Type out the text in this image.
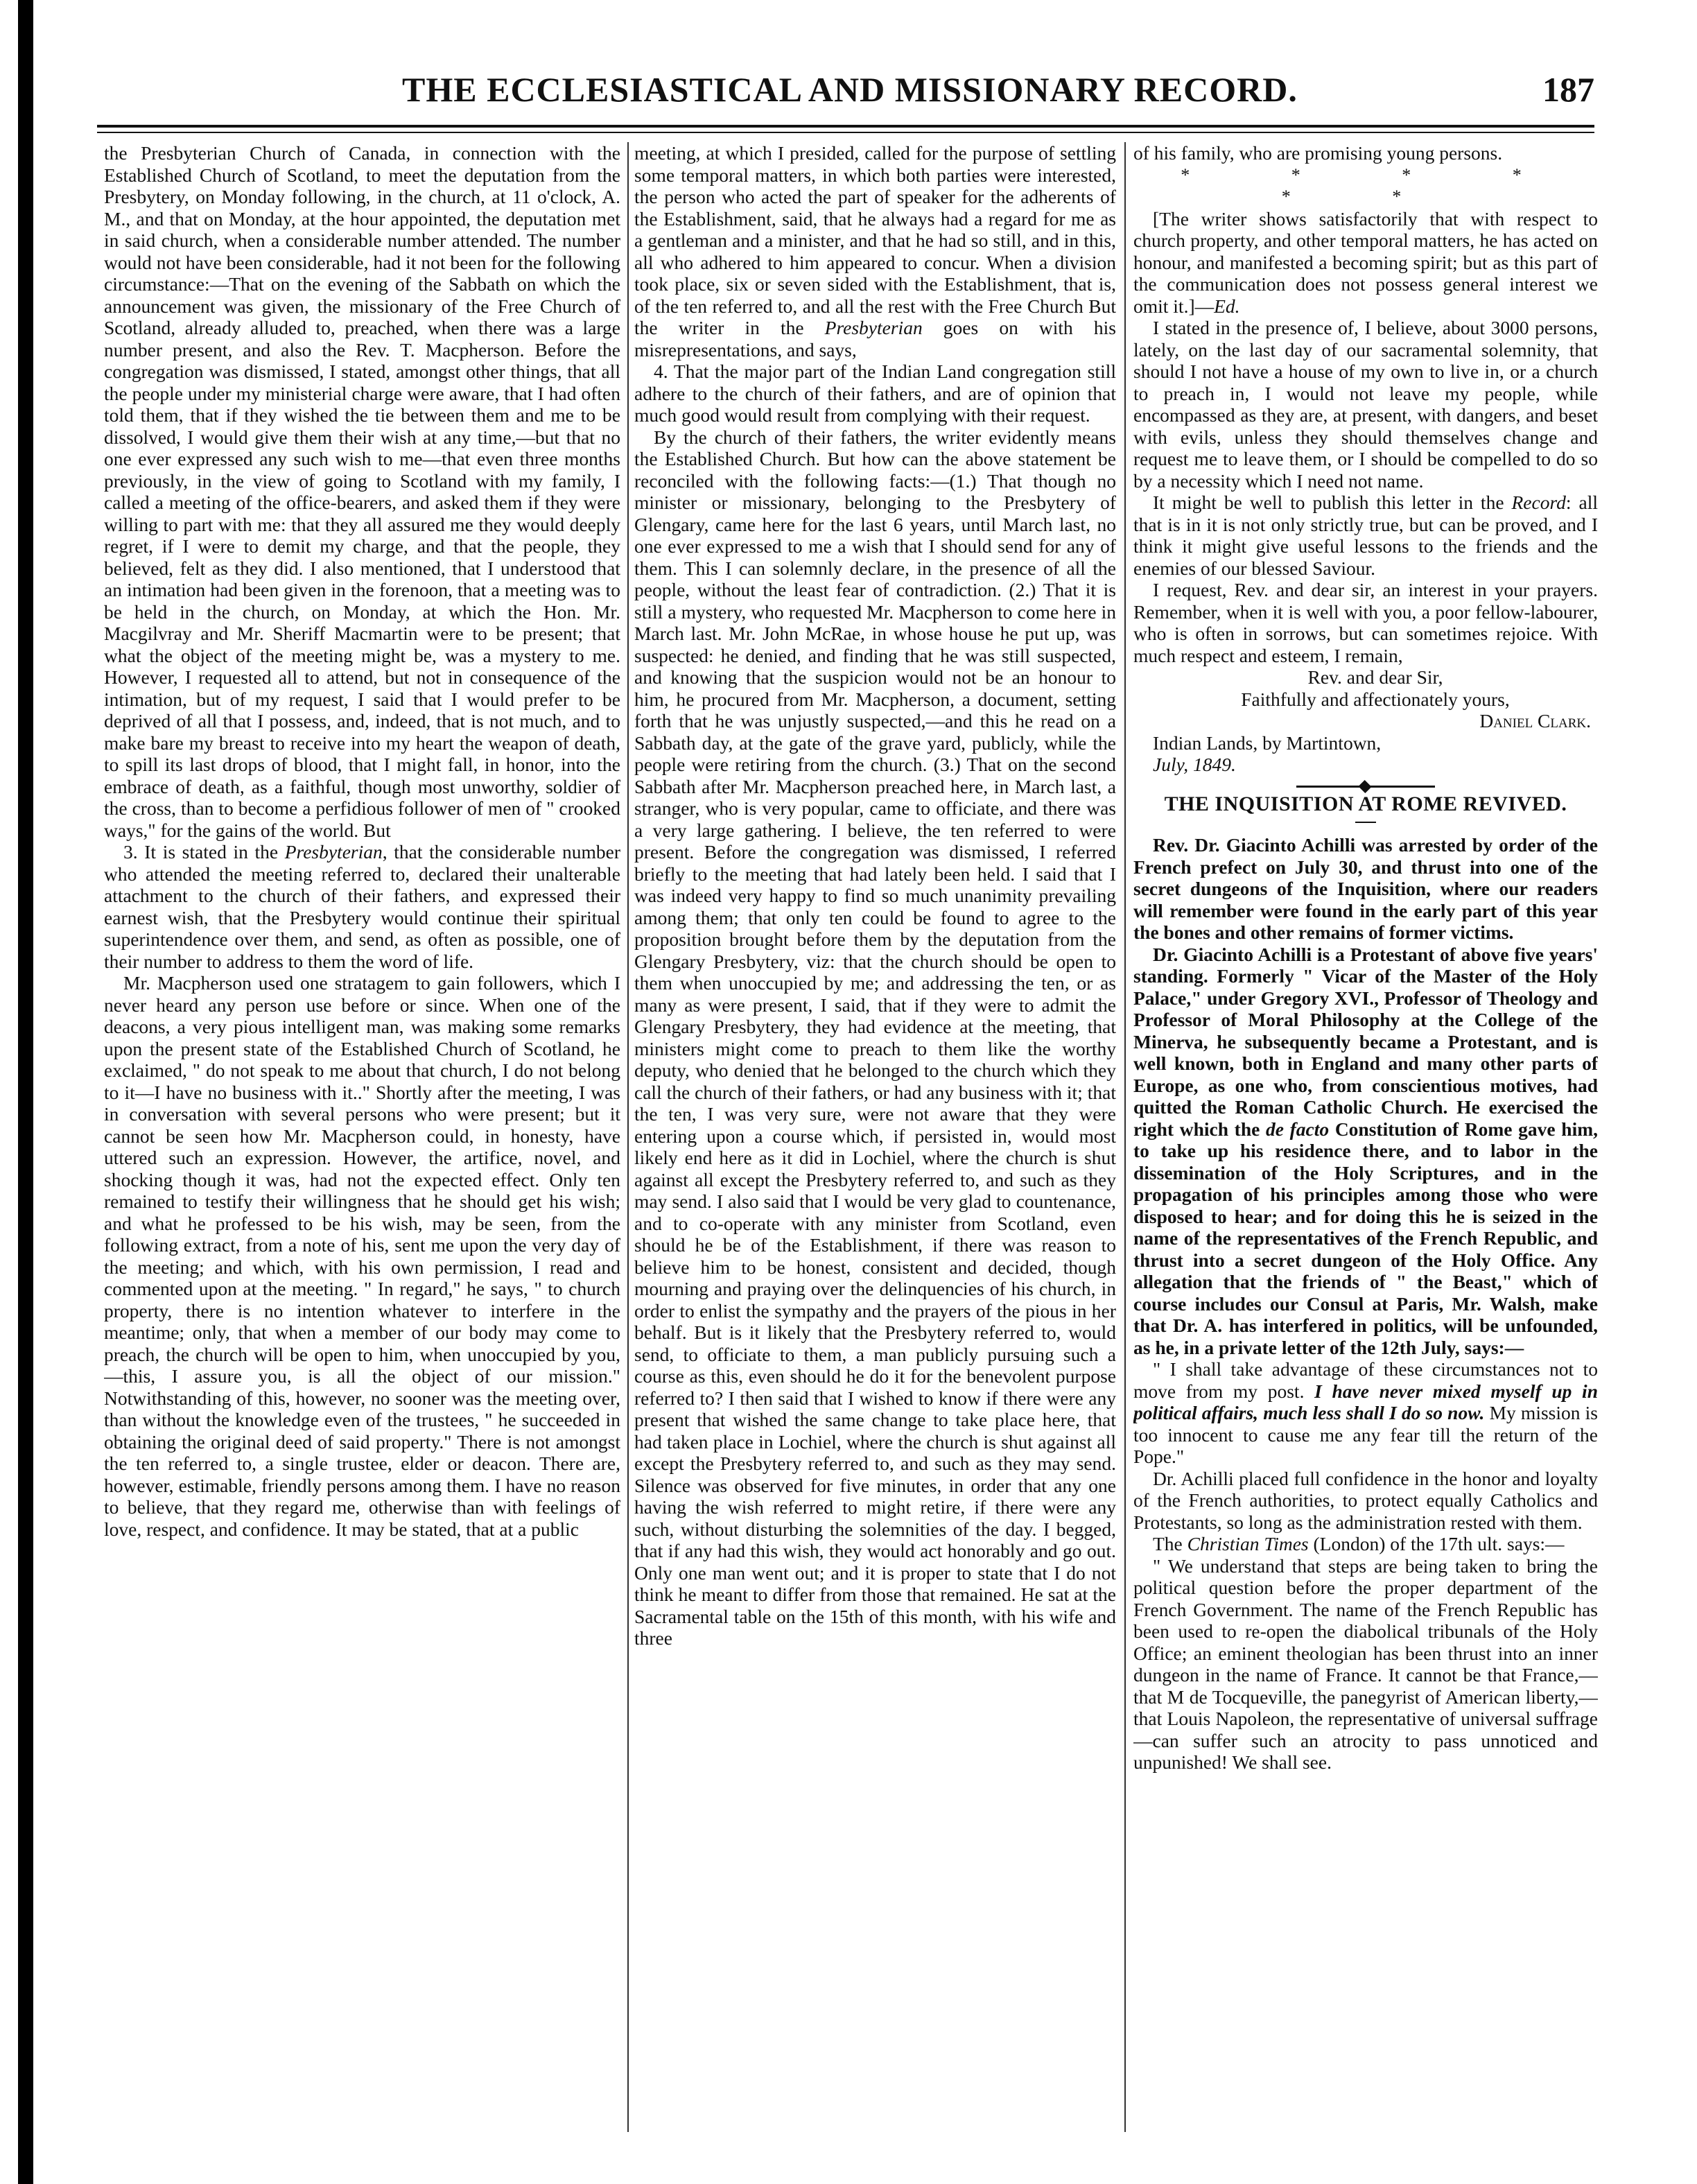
THE ECCLESIASTICAL AND MISSIONARY RECORD.	187

the Presbyterian Church of Canada, in connection with the Established Church of Scotland, to meet the deputation from the Presbytery, on Monday following, in the church, at 11 o'clock, A. M., and that on Monday, at the hour appointed, the deputation met in said church, when a considerable number attended. The number would not have been considerable, had it not been for the following circumstance:—That on the evening of the Sabbath on which the announcement was given, the missionary of the Free Church of Scotland, already alluded to, preached, when there was a large number present, and also the Rev. T. Macpherson. Before the congregation was dismissed, I stated, amongst other things, that all the people under my ministerial charge were aware, that I had often told them, that if they wished the tie between them and me to be dissolved, I would give them their wish at any time,—but that no one ever expressed any such wish to me—that even three months previously, in the view of going to Scotland with my family, I called a meeting of the office-bearers, and asked them if they were willing to part with me: that they all assured me they would deeply regret, if I were to demit my charge, and that the people, they believed, felt as they did. I also mentioned, that I understood that an intimation had been given in the forenoon, that a meeting was to be held in the church, on Monday, at which the Hon. Mr. Macgilvray and Mr. Sheriff Macmartin were to be present; that what the object of the meeting might be, was a mystery to me. However, I requested all to attend, but not in consequence of the intimation, but of my request, I said that I would prefer to be deprived of all that I possess, and, indeed, that is not much, and to make bare my breast to receive into my heart the weapon of death, to spill its last drops of blood, that I might fall, in honor, into the embrace of death, as a faithful, though most unworthy, soldier of the cross, than to become a perfidious follower of men of " crooked ways," for the gains of the world. But

3. It is stated in the Presbyterian, that the considerable number who attended the meeting referred to, declared their unalterable attachment to the church of their fathers, and expressed their earnest wish, that the Presbytery would continue their spiritual superintendence over them, and send, as often as possible, one of their number to address to them the word of life.

Mr. Macpherson used one stratagem to gain followers, which I never heard any person use before or since. When one of the deacons, a very pious intelligent man, was making some remarks upon the present state of the Established Church of Scotland, he exclaimed, " do not speak to me about that church, I do not belong to it—I have no business with it.." Shortly after the meeting, I was in conversation with several persons who were present; but it cannot be seen how Mr. Macpherson could, in honesty, have uttered such an expression. However, the artifice, novel, and shocking though it was, had not the expected effect. Only ten remained to testify their willingness that he should get his wish; and what he professed to be his wish, may be seen, from the following extract, from a note of his, sent me upon the very day of the meeting; and which, with his own permission, I read and commented upon at the meeting. " In regard," he says, " to church property, there is no intention whatever to interfere in the meantime; only, that when a member of our body may come to preach, the church will be open to him, when unoccupied by you,—this, I assure you, is all the object of our mission." Notwithstanding of this, however, no sooner was the meeting over, than without the knowledge even of the trustees, " he succeeded in obtaining the original deed of said property." There is not amongst the ten referred to, a single trustee, elder or deacon. There are, however, estimable, friendly persons among them. I have no reason to believe, that they regard me, otherwise than with feelings of love, respect, and confidence. It may be stated, that at a public

meeting, at which I presided, called for the purpose of settling some temporal matters, in which both parties were interested, the person who acted the part of speaker for the adherents of the Establishment, said, that he always had a regard for me as a gentleman and a minister, and that he had so still, and in this, all who adhered to him appeared to concur. When a division took place, six or seven sided with the Establishment, that is, of the ten referred to, and all the rest with the Free Church But the writer in the Presbyterian goes on with his misrepresentations, and says,

4. That the major part of the Indian Land congregation still adhere to the church of their fathers, and are of opinion that much good would result from complying with their request.

By the church of their fathers, the writer evidently means the Established Church. But how can the above statement be reconciled with the following facts:—(1.) That though no minister or missionary, belonging to the Presbytery of Glengary, came here for the last 6 years, until March last, no one ever expressed to me a wish that I should send for any of them. This I can solemnly declare, in the presence of all the people, without the least fear of contradiction. (2.) That it is still a mystery, who requested Mr. Macpherson to come here in March last. Mr. John McRae, in whose house he put up, was suspected: he denied, and finding that he was still suspected, and knowing that the suspicion would not be an honour to him, he procured from Mr. Macpherson, a document, setting forth that he was unjustly suspected,—and this he read on a Sabbath day, at the gate of the grave yard, publicly, while the people were retiring from the church. (3.) That on the second Sabbath after Mr. Macpherson preached here, in March last, a stranger, who is very popular, came to officiate, and there was a very large gathering. I believe, the ten referred to were present. Before the congregation was dismissed, I referred briefly to the meeting that had lately been held. I said that I was indeed very happy to find so much unanimity prevailing among them; that only ten could be found to agree to the proposition brought before them by the deputation from the Glengary Presbytery, viz: that the church should be open to them when unoccupied by me; and addressing the ten, or as many as were present, I said, that if they were to admit the Glengary Presbytery, they had evidence at the meeting, that ministers might come to preach to them like the worthy deputy, who denied that he belonged to the church which they call the church of their fathers, or had any business with it; that the ten, I was very sure, were not aware that they were entering upon a course which, if persisted in, would most likely end here as it did in Lochiel, where the church is shut against all except the Presbytery referred to, and such as they may send. I also said that I would be very glad to countenance, and to co-operate with any minister from Scotland, even should he be of the Establishment, if there was reason to believe him to be honest, consistent and decided, though mourning and praying over the delinquencies of his church, in order to enlist the sympathy and the prayers of the pious in her behalf. But is it likely that the Presbytery referred to, would send, to officiate to them, a man publicly pursuing such a course as this, even should he do it for the benevolent purpose referred to? I then said that I wished to know if there were any present that wished the same change to take place here, that had taken place in Lochiel, where the church is shut against all except the Presbytery referred to, and such as they may send. Silence was observed for five minutes, in order that any one having the wish referred to might retire, if there were any such, without disturbing the solemnities of the day. I begged, that if any had this wish, they would act honorably and go out. Only one man went out; and it is proper to state that I do not think he meant to differ from those that remained. He sat at the Sacramental table on the 15th of this month, with his wife and three

of his family, who are promising young persons.

* * * * * *

[The writer shows satisfactorily that with respect to church property, and other temporal matters, he has acted on honour, and manifested a becoming spirit; but as this part of the communication does not possess general interest we omit it.]—Ed.

I stated in the presence of, I believe, about 3000 persons, lately, on the last day of our sacramental solemnity, that should I not have a house of my own to live in, or a church to preach in, I would not leave my people, while encompassed as they are, at present, with dangers, and beset with evils, unless they should themselves change and request me to leave them, or I should be compelled to do so by a necessity which I need not name.

It might be well to publish this letter in the Record: all that is in it is not only strictly true, but can be proved, and I think it might give useful lessons to the friends and the enemies of our blessed Saviour.

I request, Rev. and dear sir, an interest in your prayers. Remember, when it is well with you, a poor fellow-labourer, who is often in sorrows, but can sometimes rejoice. With much respect and esteem, I remain,

Rev. and dear Sir,

Faithfully and affectionately yours,

Daniel Clark.

Indian Lands, by Martintown,

July, 1849.

THE INQUISITION AT ROME REVIVED.

Rev. Dr. Giacinto Achilli was arrested by order of the French prefect on July 30, and thrust into one of the secret dungeons of the Inquisition, where our readers will remember were found in the early part of this year the bones and other remains of former victims.

Dr. Giacinto Achilli is a Protestant of above five years' standing. Formerly " Vicar of the Master of the Holy Palace," under Gregory XVI., Professor of Theology and Professor of Moral Philosophy at the College of the Minerva, he subsequently became a Protestant, and is well known, both in England and many other parts of Europe, as one who, from conscientious motives, had quitted the Roman Catholic Church. He exercised the right which the de facto Constitution of Rome gave him, to take up his residence there, and to labor in the dissemination of the Holy Scriptures, and in the propagation of his principles among those who were disposed to hear; and for doing this he is seized in the name of the representatives of the French Republic, and thrust into a secret dungeon of the Holy Office. Any allegation that the friends of " the Beast," which of course includes our Consul at Paris, Mr. Walsh, make that Dr. A. has interfered in politics, will be unfounded, as he, in a private letter of the 12th July, says:—

" I shall take advantage of these circumstances not to move from my post. I have never mixed myself up in political affairs, much less shall I do so now. My mission is too innocent to cause me any fear till the return of the Pope."

Dr. Achilli placed full confidence in the honor and loyalty of the French authorities, to protect equally Catholics and Protestants, so long as the administration rested with them.

The Christian Times (London) of the 17th ult. says:—

" We understand that steps are being taken to bring the political question before the proper department of the French Government. The name of the French Republic has been used to re-open the diabolical tribunals of the Holy Office; an eminent theologian has been thrust into an inner dungeon in the name of France. It cannot be that France,—that M de Tocqueville, the panegyrist of American liberty,—that Louis Napoleon, the representative of universal suffrage—can suffer such an atrocity to pass unnoticed and unpunished! We shall see.
